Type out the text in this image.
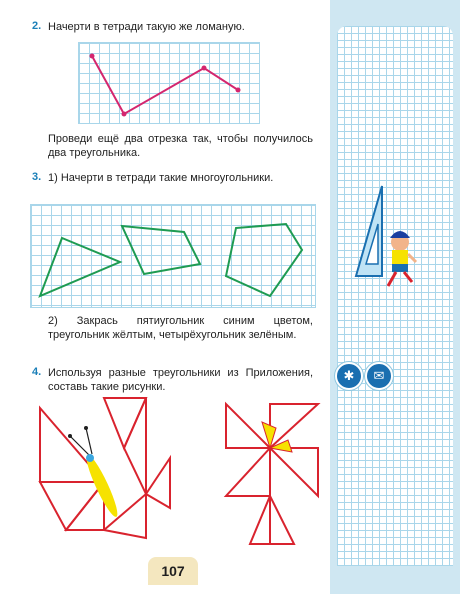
2. Начерти в тетради такую же ломаную.
Проведи ещё два отрезка так, чтобы получилось два треугольника.
3. 1) Начерти в тетради такие многоугольники.
2) Закрась пятиугольник синим цветом, треугольник жёлтым, четырёхугольник зелёным.
4. Используя разные треугольники из Приложения, составь такие рисунки.
✱	✉
107
